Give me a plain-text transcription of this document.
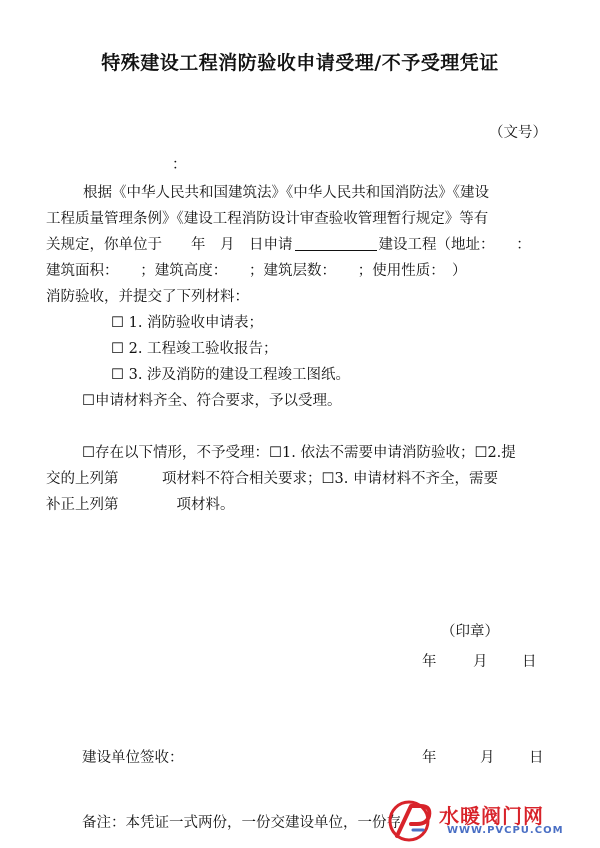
特殊建设工程消防验收申请受理/不予受理凭证
（文号）
：
根据《中华人民共和国建筑法》《中华人民共和国消防法》《建设
工程质量管理条例》《建设工程消防设计审查验收管理暂行规定》等有
关规定，你单位于　　年　月　日申请	建设工程（地址：　　：
建筑面积：　　；建筑高度：　　；建筑层数：　　；使用性质：　）
消防验收，并提交了下列材料：
☐ 1. 消防验收申请表；
☐ 2. 工程竣工验收报告；
☐ 3. 涉及消防的建设工程竣工图纸。
☐申请材料齐全、符合要求，予以受理。
☐存在以下情形，不予受理：☐1. 依法不需要申请消防验收；☐2.提
交的上列第　　　项材料不符合相关要求；☐3. 申请材料不齐全，需要
补正上列第　　　　项材料。
（印章）
年	月 日
建设单位签收：	年	月 日
备注：本凭证一式两份，一份交建设单位，一份存 水暖阀门网
WWW.PVCPU.COM
